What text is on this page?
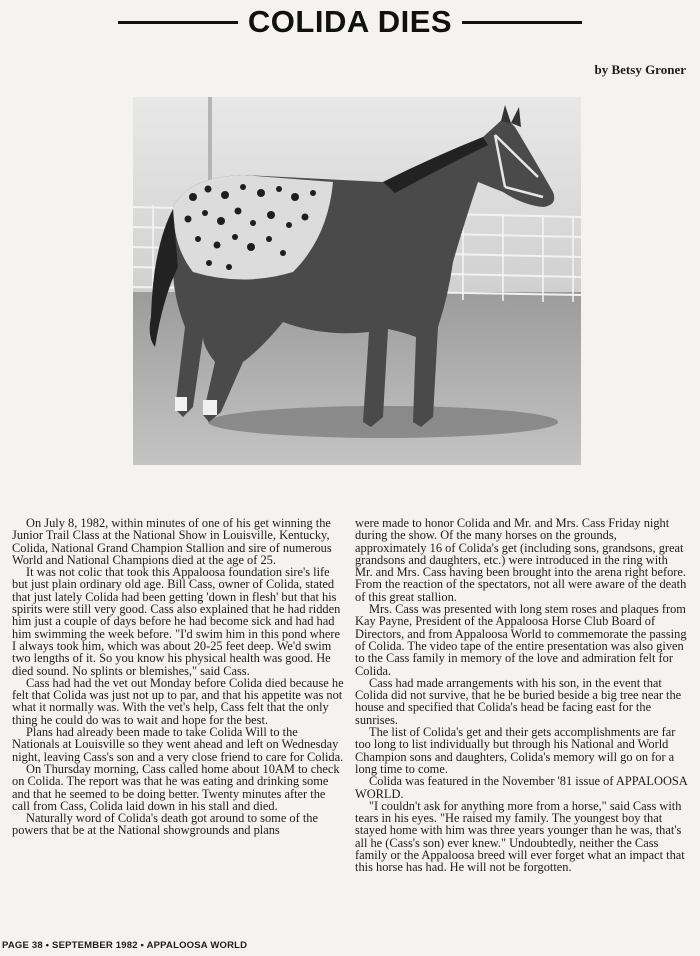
COLIDA DIES
by Betsy Groner

On July 8, 1982, within minutes of one of his get winning the Junior Trail Class at the National Show in Louisville, Kentucky, Colida, National Grand Champion Stallion and sire of numerous World and National Champions died at the age of 25.

It was not colic that took this Appaloosa foundation sire's life but just plain ordinary old age. Bill Cass, owner of Colida, stated that just lately Colida had been getting 'down in flesh' but that his spirits were still very good. Cass also explained that he had ridden him just a couple of days before he had become sick and had had him swimming the week before. "I'd swim him in this pond where I always took him, which was about 20-25 feet deep. We'd swim two lengths of it. So you know his physical health was good. He died sound. No splints or blemishes," said Cass.

Cass had had the vet out Monday before Colida died because he felt that Colida was just not up to par, and that his appetite was not what it normally was. With the vet's help, Cass felt that the only thing he could do was to wait and hope for the best.

Plans had already been made to take Colida Will to the Nationals at Louisville so they went ahead and left on Wednesday night, leaving Cass's son and a very close friend to care for Colida.

On Thursday morning, Cass called home about 10AM to check on Colida. The report was that he was eating and drinking some and that he seemed to be doing better. Twenty minutes after the call from Cass, Colida laid down in his stall and died.

Naturally word of Colida's death got around to some of the powers that be at the National showgrounds and plans

were made to honor Colida and Mr. and Mrs. Cass Friday night during the show. Of the many horses on the grounds, approximately 16 of Colida's get (including sons, grandsons, great grandsons and daughters, etc.) were introduced in the ring with Mr. and Mrs. Cass having been brought into the arena right before. From the reaction of the spectators, not all were aware of the death of this great stallion.

Mrs. Cass was presented with long stem roses and plaques from Kay Payne, President of the Appaloosa Horse Club Board of Directors, and from Appaloosa World to commemorate the passing of Colida. The video tape of the entire presentation was also given to the Cass family in memory of the love and admiration felt for Colida.

Cass had made arrangements with his son, in the event that Colida did not survive, that he be buried beside a big tree near the house and specified that Colida's head be facing east for the sunrises.

The list of Colida's get and their gets accomplishments are far too long to list individually but through his National and World Champion sons and daughters, Colida's memory will go on for a long time to come.

Colida was featured in the November '81 issue of APPALOOSA WORLD.

"I couldn't ask for anything more from a horse," said Cass with tears in his eyes. "He raised my family. The youngest boy that stayed home with him was three years younger than he was, that's all he (Cass's son) ever knew." Undoubtedly, neither the Cass family or the Appaloosa breed will ever forget what an impact that this horse has had. He will not be forgotten.

PAGE 38 • SEPTEMBER 1982 • APPALOOSA WORLD
